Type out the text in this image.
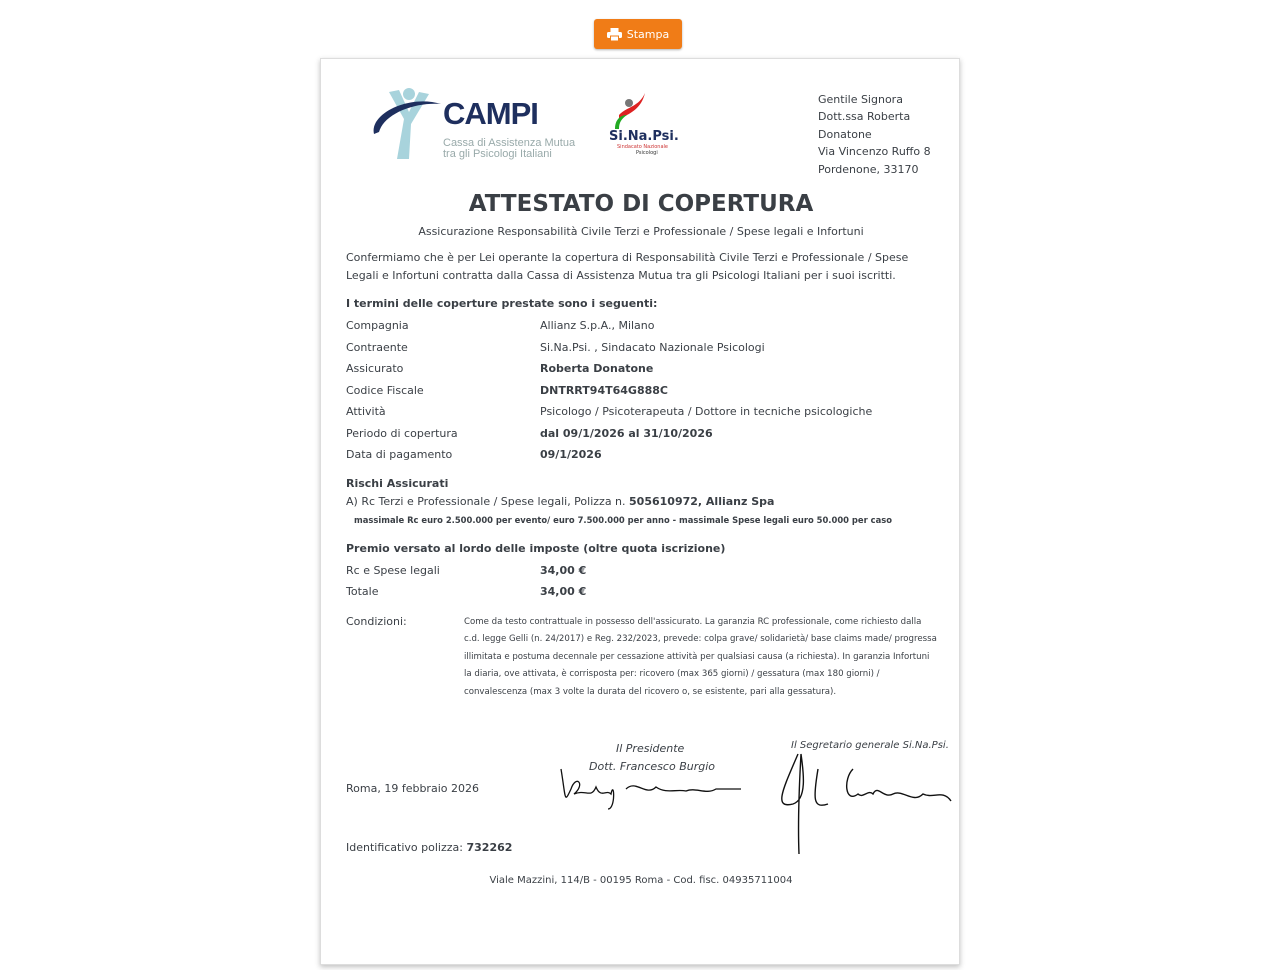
Stampa
CAMPI
Cassa di Assistenza Mutua
tra gli Psicologi Italiani
Si.Na.Psi.
Sindacato Nazionale
Psicologi
Gentile Signora
Dott.ssa Roberta
Donatone
Via Vincenzo Ruffo 8
Pordenone, 33170
ATTESTATO DI COPERTURA
Assicurazione Responsabilità Civile Terzi e Professionale / Spese legali e Infortuni
Confermiamo che è per Lei operante la copertura di Responsabilità Civile Terzi e Professionale / Spese Legali e Infortuni contratta dalla Cassa di Assistenza Mutua tra gli Psicologi Italiani per i suoi iscritti.
I termini delle coperture prestate sono i seguenti:
Compagnia	Allianz S.p.A., Milano
Contraente	Si.Na.Psi. , Sindacato Nazionale Psicologi
Assicurato	Roberta Donatone
Codice Fiscale	DNTRRT94T64G888C
Attività	Psicologo / Psicoterapeuta / Dottore in tecniche psicologiche
Periodo di copertura	dal 09/1/2026 al 31/10/2026
Data di pagamento	09/1/2026
Rischi Assicurati
A) Rc Terzi e Professionale / Spese legali, Polizza n. 505610972, Allianz Spa
massimale Rc euro 2.500.000 per evento/ euro 7.500.000 per anno - massimale Spese legali euro 50.000 per caso
Premio versato al lordo delle imposte (oltre quota iscrizione)
Rc e Spese legali	34,00 €
Totale	34,00 €
Condizioni:	Come da testo contrattuale in possesso dell'assicurato. La garanzia RC professionale, come richiesto dalla c.d. legge Gelli (n. 24/2017) e Reg. 232/2023, prevede: colpa grave/ solidarietà/ base claims made/ progressa illimitata e postuma decennale per cessazione attività per qualsiasi causa (a richiesta). In garanzia Infortuni la diaria, ove attivata, è corrisposta per: ricovero (max 365 giorni) / gessatura (max 180 giorni) / convalescenza (max 3 volte la durata del ricovero o, se esistente, pari alla gessatura).
Il Presidente
Dott. Francesco Burgio
Il Segretario generale Si.Na.Psi.
Roma, 19 febbraio 2026
Identificativo polizza: 732262
Viale Mazzini, 114/B - 00195 Roma - Cod. fisc. 04935711004
